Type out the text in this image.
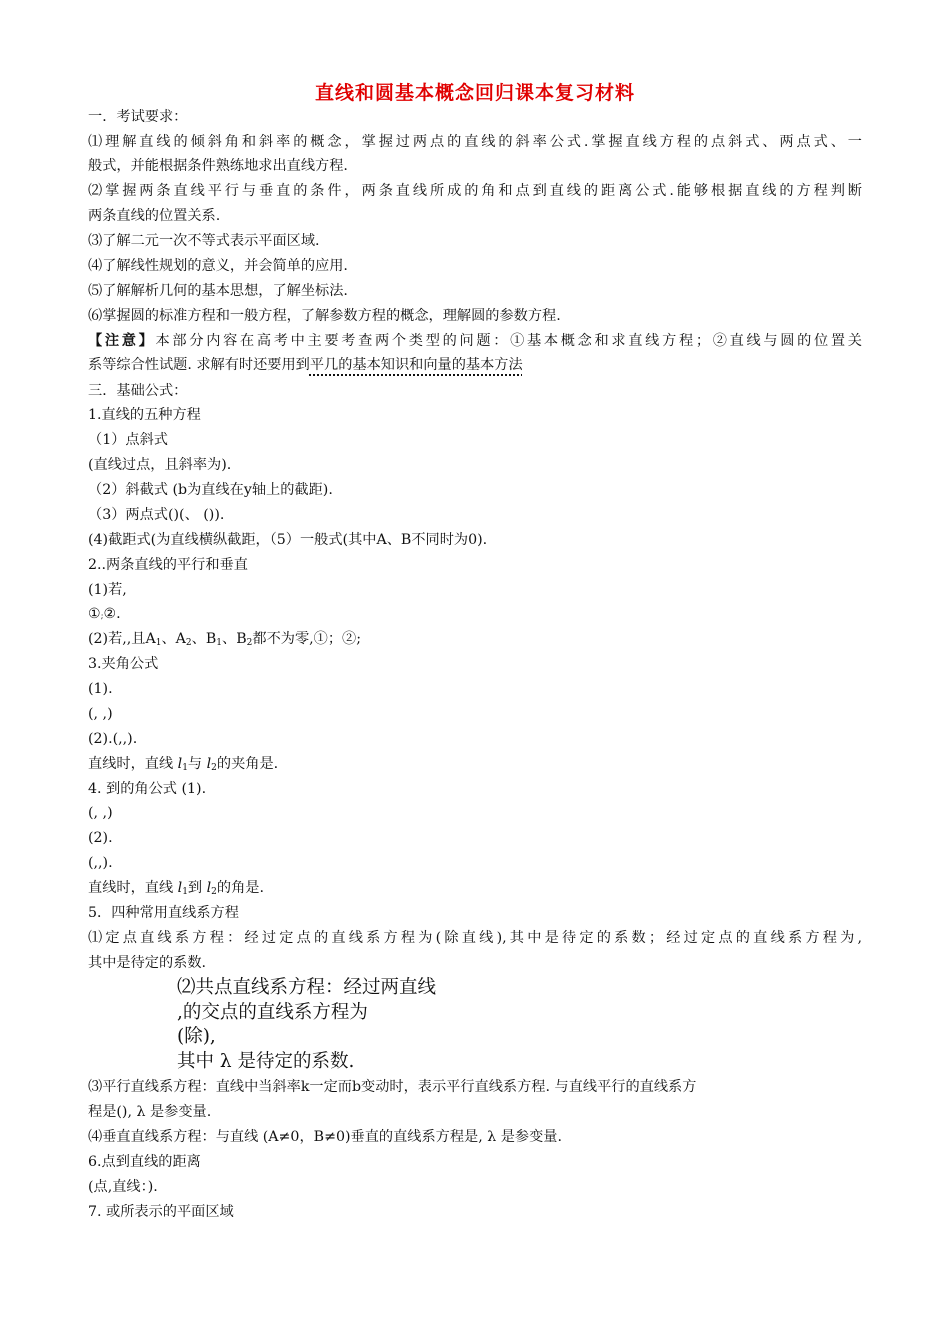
直线和圆基本概念回归课本复习材料
一．考试要求：
⑴理解直线的倾斜角和斜率的概念，掌握过两点的直线的斜率公式.掌握直线方程的点斜式、两点式、一
般式，并能根据条件熟练地求出直线方程.
⑵掌握两条直线平行与垂直的条件，两条直线所成的角和点到直线的距离公式.能够根据直线的方程判断
两条直线的位置关系.
⑶了解二元一次不等式表示平面区域.
⑷了解线性规划的意义，并会简单的应用.
⑸了解解析几何的基本思想，了解坐标法.
⑹掌握圆的标准方程和一般方程，了解参数方程的概念，理解圆的参数方程.
【注意】本部分内容在高考中主要考查两个类型的问题：①基本概念和求直线方程；②直线与圆的位置关
系等综合性试题. 求解有时还要用到平几的基本知识和向量的基本方法
三．基础公式：
1.直线的五种方程
（1）点斜式
(直线过点，且斜率为).
（2）斜截式 (b为直线在y轴上的截距).
（3）两点式()(、 ()).
(4)截距式(为直线横纵截距，（5）一般式(其中A、B不同时为0).
2..两条直线的平行和垂直
(1)若,
①;②.
(2)若,,且$A_1$、$A_2$、$B_1$、$B_2$都不为零,①；②;
3.夹角公式
(1).
(, ,)
(2).(,,).
直线时，直线 $l_1$与 $l_2$的夹角是.
4. 到的角公式 (1).
(, ,)
(2).
(,,).
直线时，直线 $l_1$到 $l_2$的角是.
5．四种常用直线系方程
⑴定点直线系方程：经过定点的直线系方程为(除直线),其中是待定的系数；经过定点的直线系方程为,
其中是待定的系数.
⑵共点直线系方程：经过两直线
,的交点的直线系方程为
(除),
其中 λ 是待定的系数.
⑶平行直线系方程：直线中当斜率k一定而b变动时，表示平行直线系方程. 与直线平行的直线系方
程是(), λ 是参变量.
⑷垂直直线系方程：与直线 (A≠0，B≠0)垂直的直线系方程是, λ 是参变量.
6.点到直线的距离
(点,直线：).
7. 或所表示的平面区域
